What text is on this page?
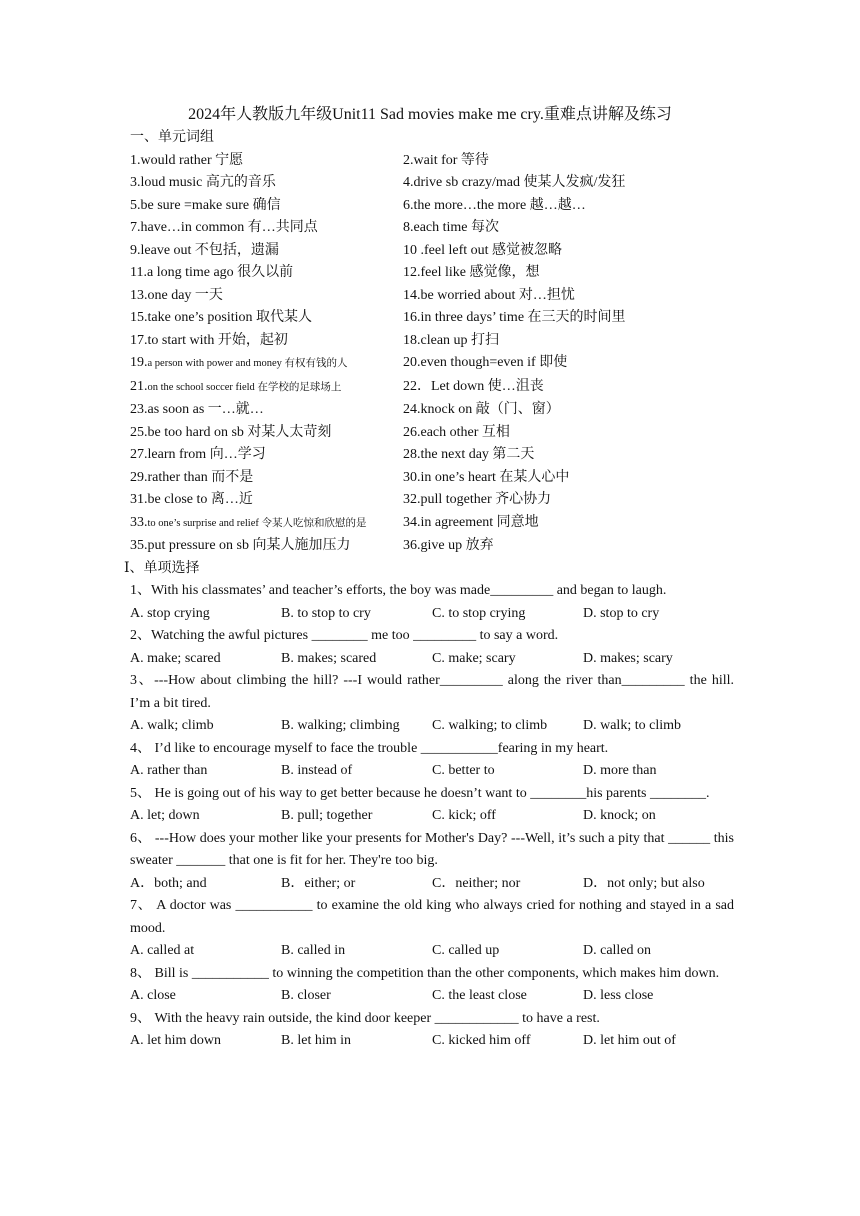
2024年人教版九年级Unit11 Sad movies make me cry.重难点讲解及练习
一、单元词组
1.would rather 宁愿	2.wait for 等待
3.loud music 高亢的音乐	4.drive sb crazy/mad 使某人发疯/发狂
5.be sure =make sure 确信	6.the more…the more 越…越…
7.have…in common 有…共同点	8.each time 每次
9.leave out 不包括，遗漏	10 .feel left out 感觉被忽略
11.a long time ago 很久以前	12.feel like 感觉像，想
13.one day 一天	14.be worried about 对…担忧
15.take one’s position 取代某人	16.in three days’ time 在三天的时间里
17.to start with 开始，起初	18.clean up 打扫
19.a person with power and money 有权有钱的人	20.even though=even if 即使
21.on the school soccer field 在学校的足球场上	22．Let down 使…沮丧
23.as soon as 一…就…	24.knock on 敲（门、窗）
25.be too hard on sb 对某人太苛刻	26.each other 互相
27.learn from 向…学习	28.the next day 第二天
29.rather than 而不是	30.in one’s heart 在某人心中
31.be close to 离…近	32.pull together 齐心协力
33.to one’s surprise and relief 令某人吃惊和欣慰的是	34.in agreement 同意地
35.put pressure on sb 向某人施加压力	36.give up 放弃
Ⅰ、单项选择
1、With his classmates’ and teacher’s efforts, the boy was made_________ and began to laugh.
A. stop crying	B. to stop to cry	C. to stop crying	D. stop to cry
2、Watching the awful pictures ________ me too _________ to say a word.
A. make; scared	B. makes; scared	C. make; scary	D. makes; scary
3、---How about climbing the hill? ---I would rather_________ along the river than_________ the hill. I’m a bit tired.
A. walk; climb	B. walking; climbing	C. walking; to climb	D. walk; to climb
4、 I’d like to encourage myself to face the trouble ___________fearing in my heart.
A. rather than	B. instead of	C. better to	D. more than
5、 He is going out of his way to get better because he doesn’t want to ________his parents ________.
A. let; down	B. pull; together	C. kick; off	D. knock; on
6、 ---How does your mother like your presents for Mother's Day? ---Well, it’s such a pity that ______ this sweater _______ that one is fit for her. They're too big.
A．both; and	B．either; or	C．neither; nor	D．not only; but also
7、 A doctor was ___________ to examine the old king who always cried for nothing and stayed in a sad mood.
A. called at	B. called in	C. called up	D. called on
8、 Bill is ___________ to winning the competition than the other components, which makes him down.
A. close	B. closer	C. the least close	D. less close
9、 With the heavy rain outside, the kind door keeper ____________ to have a rest.
A. let him down	B. let him in	C. kicked him off	D. let him out of
